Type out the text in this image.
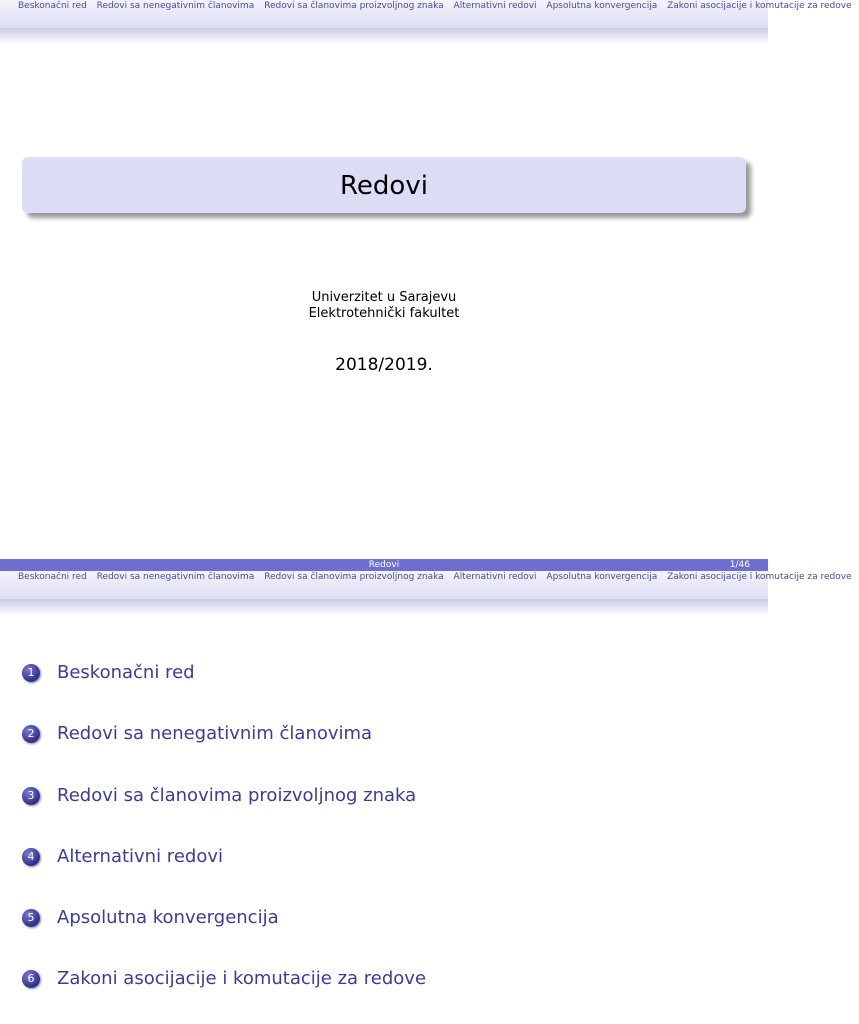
Beskonačni red Redovi sa nenegativnim članovima Redovi sa članovima proizvoljnog znaka Alternativni redovi Apsolutna konvergencija Zakoni asocijacije i komutacije za redove
Redovi
Univerzitet u Sarajevu
Elektrotehnički fakultet
2018/2019.
Redovi	1/46
Beskonačni red Redovi sa nenegativnim članovima Redovi sa članovima proizvoljnog znaka Alternativni redovi Apsolutna konvergencija Zakoni asocijacije i komutacije za redove
1	Beskonačni red
2	Redovi sa nenegativnim članovima
3	Redovi sa članovima proizvoljnog znaka
4	Alternativni redovi
5	Apsolutna konvergencija
6	Zakoni asocijacije i komutacije za redove
